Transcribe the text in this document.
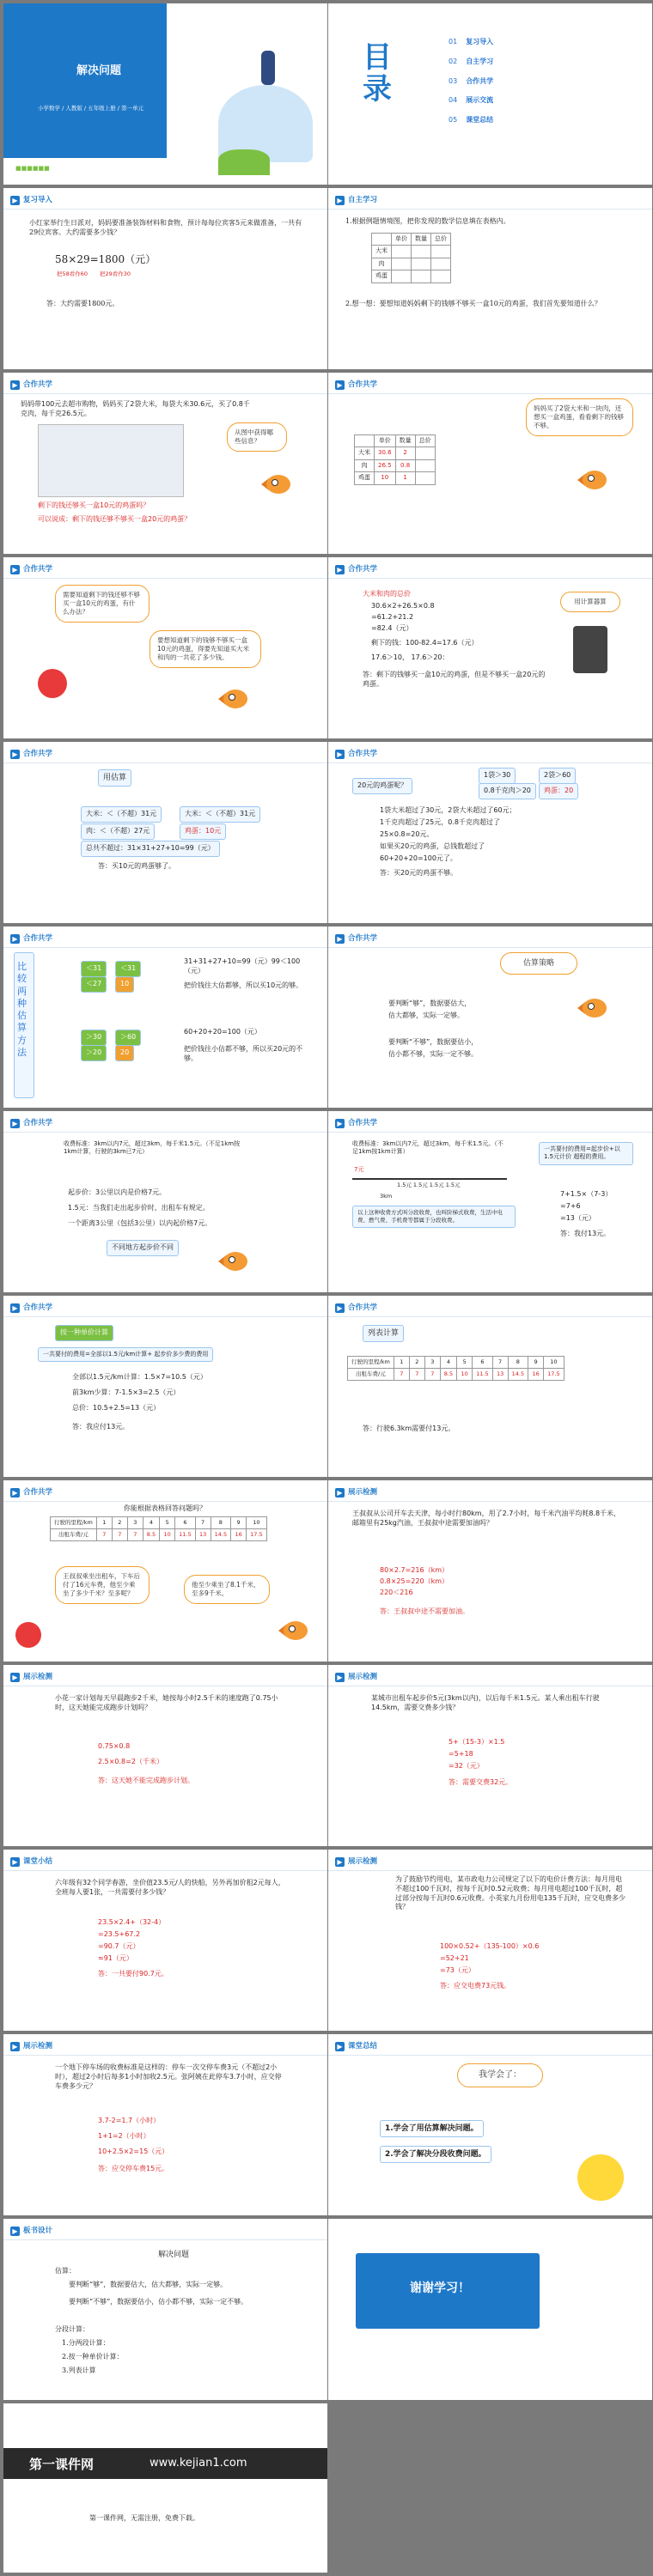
解决问题
小学数学 / 人教版 / 五年级上册 / 第一单元
■■■■■■
目录
01 复习导入
02 自主学习
03 合作共学
04 展示交流
05 课堂总结
▶ 复习导入
小红家举行生日派对，妈妈要准备装饰材料和食物，预计每每位宾客5元来做准备，一共有29位宾客。大约需要多少钱？
58×29=1800（元）
把58看作60 把29看作30
答：大约需要1800元。
▶ 自主学习
1.根据例题情境图，把你发现的数学信息填在表格内。
	单价	数量	总价
大米			
肉			
鸡蛋			
2.想一想：要想知道妈妈剩下的钱够不够买一盒10元的鸡蛋，我们首先要知道什么？
▶ 合作共学
妈妈带100元去超市购物，妈妈买了2袋大米，每袋大米30.6元，买了0.8千克肉，每千克26.5元。
从图中获得哪些信息？
剩下的钱还够买一盒10元的鸡蛋吗？
可以说成：剩下的钱还够不够买一盒20元的鸡蛋？
▶ 合作共学
妈妈买了2袋大米和一块肉，还想买一盒鸡蛋，看看剩下的钱够不够。
	单价	数量	总价
大米	30.6	2	
肉	26.5	0.8	
鸡蛋	10	1	
▶ 合作共学
需要知道剩下的钱还够不够买一盒10元的鸡蛋，有什么办法？
要想知道剩下的钱够不够买一盒10元的鸡蛋，得要先知道买大米和肉的一共花了多少钱。
▶ 合作共学
大米和肉的总价
30.6×2+26.5×0.8
=61.2+21.2
=82.4（元）
剩下的钱：100-82.4=17.6（元）
17.6＞10， 17.6＞20：
答：剩下的钱够买一盒10元的鸡蛋，但是不够买一盒20元的鸡蛋。
用计算器算
▶ 合作共学
用估算
大米：＜（不超）31元	大米：＜（不超）31元
肉：＜（不超）27元	鸡蛋：10元
总共不超过：31×31+27+10=99（元）
答：买10元的鸡蛋够了。
▶ 合作共学
20元的鸡蛋呢？
1袋＞30	2袋＞60
0.8千克肉＞20	鸡蛋：20
1袋大米超过了30元，2袋大米超过了60元；
1千克肉超过了25元，0.8千克肉超过了
25×0.8=20元。
如果买20元的鸡蛋，总钱数超过了
60+20+20=100元了。
答：买20元的鸡蛋不够。
▶ 合作共学
比较两种估算方法
＜31	＜31
＜27	10
31+31+27+10=99（元）99＜100（元）
把价钱往大估都够，所以买10元的够。
＞30	＞60
＞20	20
60+20+20=100（元）
把价钱往小估都不够，所以买20元的不够。
▶ 合作共学
估算策略
要判断“够”，数据要估大，
估大都够，实际一定够。
要判断“不够”，数据要估小，
估小都不够，实际一定不够。
▶ 合作共学
收费标准：3km以内7元，超过3km，每千米1.5元。（不足1km按1km计算，行驶的3km已7元）
起步价：3公里以内是价格7元。
1.5元：当我们走出起步价时，出租车有规定。
一个距离3公里（包括3公里）以内起价格7元。
不同地方起步价不同
▶ 合作共学
收费标准：3km以内7元，超过3km，每千米1.5元。（不足1km按1km计算）
7元
1.5元 1.5元 1.5元 1.5元
3km
以上这种收费方式叫分段收费，也叫阶梯式收费，生活中电费、燃气费、手机费等都属于分段收费。
一共要付的费用=起步价+以1.5元计价 超程的费用。
7+1.5×（7-3）
=7+6
=13（元）
答：我付13元。
▶ 合作共学
按一种单价计算
一共要付的费用=全部以1.5元/km计算+ 起步价多少费的费用
全部以1.5元/km计算：1.5×7=10.5（元）
前3km少算：7-1.5×3=2.5（元）
总价：10.5+2.5=13（元）
答：我应付13元。
▶ 合作共学
列表计算
行驶的里程/km	1	2	3	4	5	6	7	8	9	10
出租车费/元	7	7	7	8.5	10	11.5	13	14.5	16	17.5
答：行驶6.3km需要付13元。
▶ 合作共学
你能根据表格回答问题吗？
行驶的里程/km	1	2	3	4	5	6	7	8	9	10
出租车费/元	7	7	7	8.5	10	11.5	13	14.5	16	17.5
王叔叔乘坐出租车，下车后付了16元车费，他至少乘坐了多少千米？至多呢？
他至少乘坐了8.1千米，至多9千米。
▶ 展示检测
王叔叔从公司开车去天津，每小时行80km，用了2.7小时，每千米汽油平均耗8.8千米，邮箱里有25kg汽油，王叔叔中途需要加油吗？
80×2.7=216（km）
0.8×25=220（km）
220＜216
答：王叔叔中途不需要加油。
▶ 展示检测
小花一家计划每天早晨跑步2千米，她按每小时2.5千米的速度跑了0.75小时，这天她能完成跑步计划吗？
0.75×0.8
2.5×0.8=2（千米）
答：这天她不能完成跑步计划。
▶ 展示检测
某城市出租车起步价5元(3km以内)，以后每千米1.5元。某人乘出租车行驶14.5km，需要交费多少钱？
5+（15-3）×1.5
=5+18
=32（元）
答：需要交费32元。
▶ 课堂小结
六年级有32个同学春游，坐价值23.5元/人的快船，另外再加价租2元每人，全班每人要1张，一共需要付多少钱？
23.5×2.4+（32-4）
=23.5+67.2
=90.7（元）
≈91（元）
答：一共要付90.7元。
▶ 展示检测
为了鼓励节约用电，某市政电力公司规定了以下的电价计费方法：每月用电不超过100千瓦时，按每千瓦时0.52元收费；每月用电超过100千瓦时，超过部分按每千瓦时0.6元收费。小英家九月份用电135千瓦时，应交电费多少钱？
100×0.52+（135-100）×0.6
=52+21
=73（元）
答：应交电费73元钱。
▶ 展示检测
一个地下停车场的收费标准是这样的：停车一次交停车费3元（不超过2小时），超过2小时后每多1小时加收2.5元。张阿姨在此停车3.7小时，应交停车费多少元？
3.7-2=1.7（小时）
1+1=2（小时）
10+2.5×2=15（元）
答：应交停车费15元。
▶ 课堂总结
我学会了：
1.学会了用估算解决问题。
2.学会了解决分段收费问题。
▶ 板书设计
解决问题
估算：
要判断“够”，数据要估大，估大都够，实际一定够。
要判断“不够”，数据要估小，估小都不够，实际一定不够。
分段计算：
1.分两段计算：
2.按一种单价计算：
3.列表计算
谢谢学习！
第一课件网	www.kejian1.com
第一课件网，无需注册，免费下载。
